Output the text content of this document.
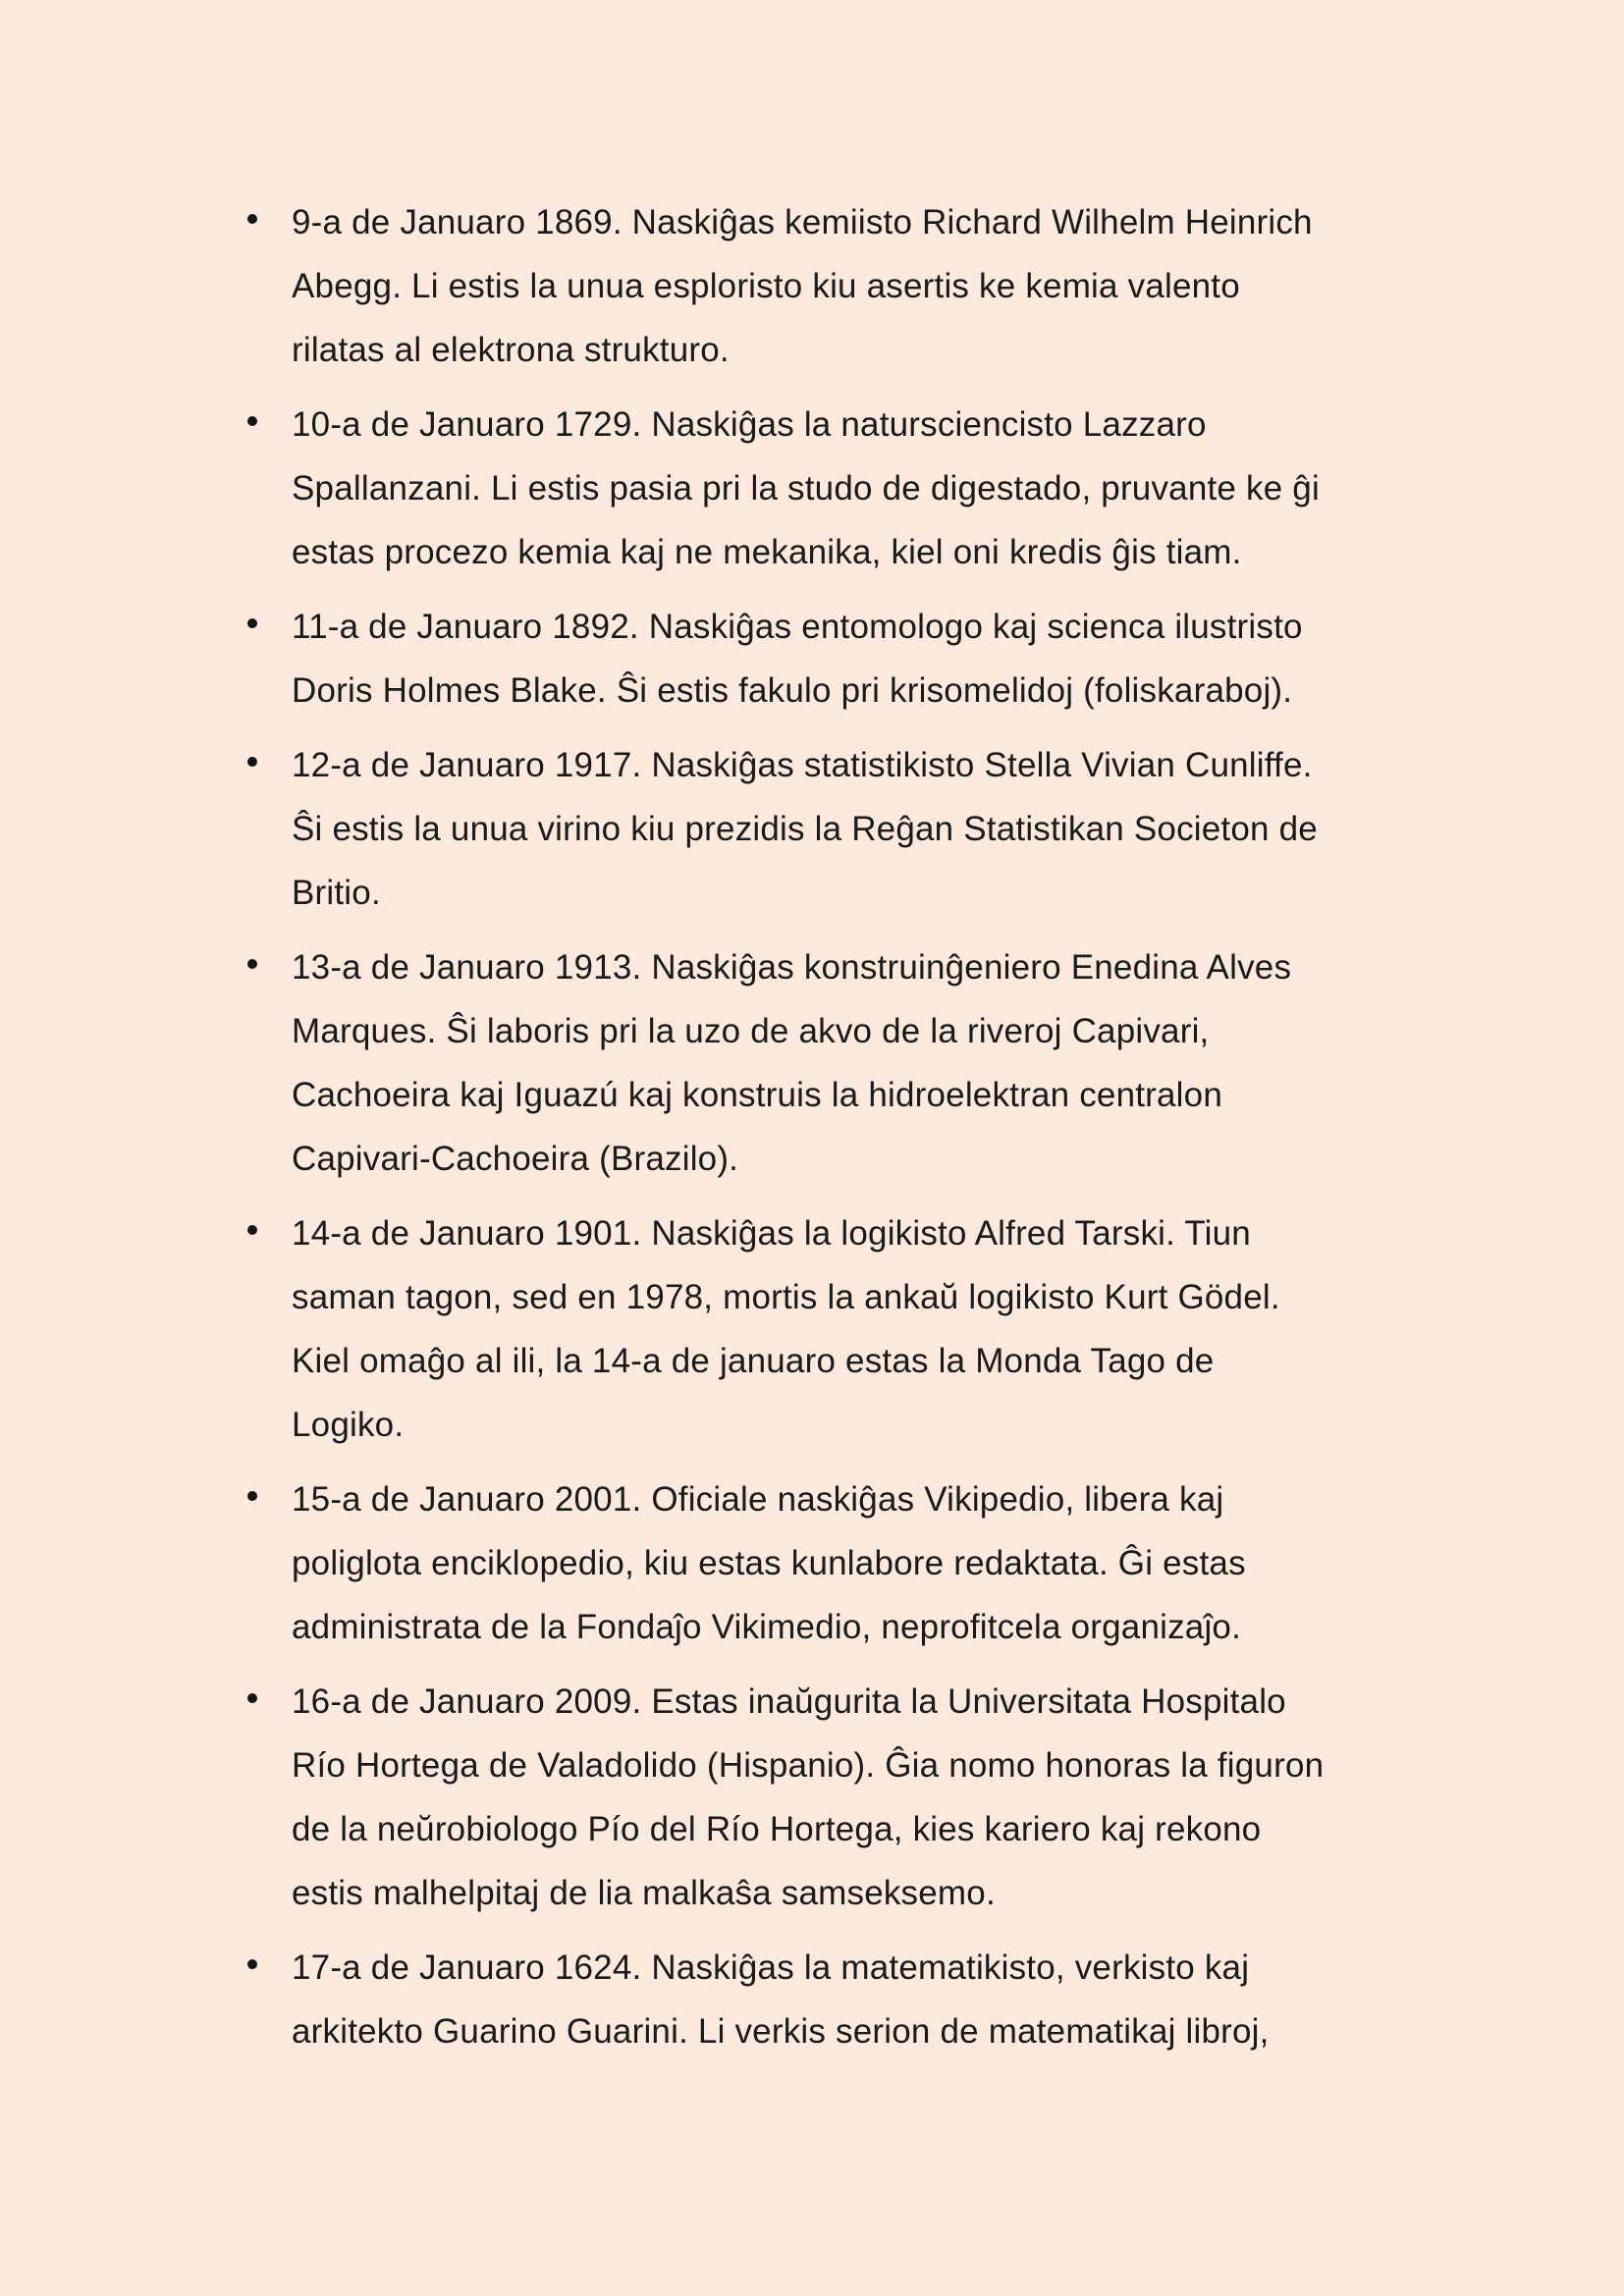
9-a de Januaro 1869. Naskiĝas kemiisto Richard Wilhelm Heinrich
Abegg. Li estis la unua esploristo kiu asertis ke kemia valento
rilatas al elektrona strukturo.
10-a de Januaro 1729. Naskiĝas la natursciencisto Lazzaro
Spallanzani. Li estis pasia pri la studo de digestado, pruvante ke ĝi
estas procezo kemia kaj ne mekanika, kiel oni kredis ĝis tiam.
11-a de Januaro 1892. Naskiĝas entomologo kaj scienca ilustristo
Doris Holmes Blake. Ŝi estis fakulo pri krisomelidoj (foliskaraboj).
12-a de Januaro 1917. Naskiĝas statistikisto Stella Vivian Cunliffe.
Ŝi estis la unua virino kiu prezidis la Reĝan Statistikan Societon de
Britio.
13-a de Januaro 1913. Naskiĝas konstruinĝeniero Enedina Alves
Marques. Ŝi laboris pri la uzo de akvo de la riveroj Capivari,
Cachoeira kaj Iguazú kaj konstruis la hidroelektran centralon
Capivari-Cachoeira (Brazilo).
14-a de Januaro 1901. Naskiĝas la logikisto Alfred Tarski. Tiun
saman tagon, sed en 1978, mortis la ankaŭ logikisto Kurt Gödel.
Kiel omaĝo al ili, la 14-a de januaro estas la Monda Tago de
Logiko.
15-a de Januaro 2001. Oficiale naskiĝas Vikipedio, libera kaj
poliglota enciklopedio, kiu estas kunlabore redaktata. Ĝi estas
administrata de la Fondaĵo Vikimedio, neprofitcela organizaĵo.
16-a de Januaro 2009. Estas inaŭgurita la Universitata Hospitalo
Río Hortega de Valadolido (Hispanio). Ĝia nomo honoras la figuron
de la neŭrobiologo Pío del Río Hortega, kies kariero kaj rekono
estis malhelpitaj de lia malkaŝa samseksemo.
17-a de Januaro 1624. Naskiĝas la matematikisto, verkisto kaj
arkitekto Guarino Guarini. Li verkis serion de matematikaj libroj,
